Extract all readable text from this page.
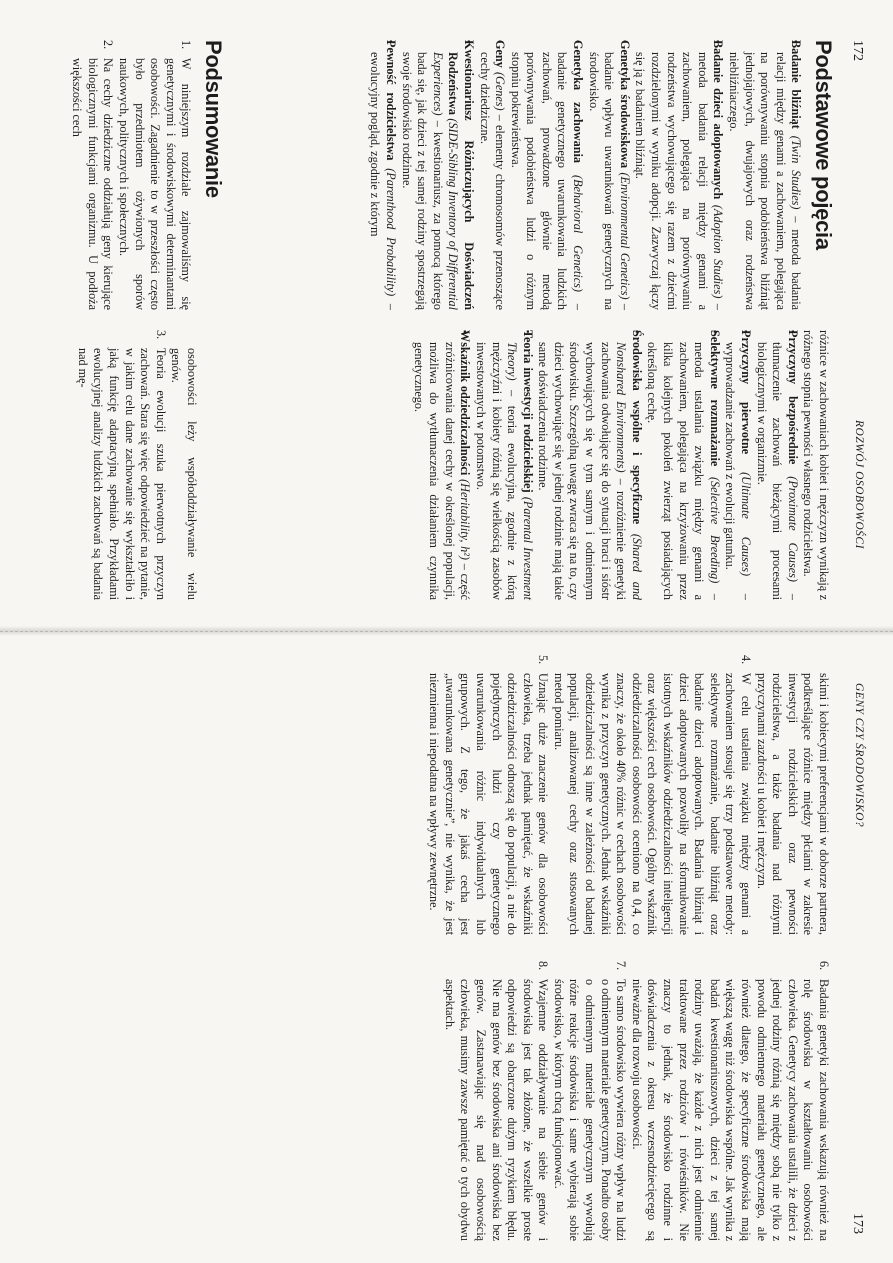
172
ROZWÓJ OSOBOWOŚCI
Podstawowe pojęcia

▪ Badanie bliźniąt (Twin Studies) – metoda badania relacji między genami a zachowaniem, polegająca na porównywaniu stopnia podobieństwa bliźniąt jednojajowych, dwujajowych oraz rodzeństwa niebliźniaczego.

▪ Badanie dzieci adoptowanych (Adoption Studies) – metoda badania relacji między genami a zachowaniem, polegająca na porównywaniu rodzeństwa wychowującego się razem z dziećmi rozdzielonymi w wyniku adopcji. Zazwyczaj łączy się ją z badaniem bliźniąt.

▪ Genetyka środowiskowa (Environmental Genetics) – badanie wpływu uwarunkowań genetycznych na środowisko.

▪ Genetyka zachowania (Behavioral Genetics) – badanie genetycznego uwarunkowania ludzkich zachowań, prowadzone głównie metodą porównywania podobieństwa ludzi o różnym stopniu pokrewieństwa.

▪ Geny (Genes) – elementy chromosomów przenoszące cechy dziedziczne.

▪ Kwestionariusz Różniczujących Doświadczeń Rodzeństwa (SIDE-Sibling Inventory of Differential Experiences) – kwestionariusz, za pomocą którego bada się, jak dzieci z tej samej rodziny spostrzegają swoje środowisko rodzinne.

▪ Pewność rodzicielstwa (Parenthood Probability) – ewolucyjny pogląd, zgodnie z którym

różnice w zachowaniach kobiet i mężczyzn wynikają z różnego stopnia pewności własnego rodzicielstwa.

▪ Przyczyny bezpośrednie (Proximate Causes) – tłumaczenie zachowań bieżącymi procesami biologicznymi w organizmie.

▪ Przyczyny pierwotne (Ultimate Causes) – wyprowadzanie zachowań z ewolucji gatunku.

▪ Selektywne rozmnażanie (Selective Breeding) – metoda ustalania związku między genami a zachowaniem, polegająca na krzyżowaniu przez kilka kolejnych pokoleń zwierząt posiadających określoną cechę.

▪ Środowiska wspólne i specyficzne (Shared and Nonshared Environments) – rozróżnienie genetyki zachowania odwołujące się do sytuacji braci i sióstr wychowujących się w tym samym i odmiennym środowisku. Szczególną uwagę zwraca się na to, czy dzieci wychowujące się w jednej rodzinie mają takie same doświadczenia rodzinne.

▪ Teoria inwestycji rodzicielskiej (Parental Investment Theory) – teoria ewolucyjna, zgodnie z którą mężczyźni i kobiety różnią się wielkością zasobów inwestowanych w potomstwo.

▪ Wskaźnik odziedziczalności (Heritability, h²) – część zróżnicowania danej cechy w określonej populacji, możliwa do wytłumaczenia działaniem czynnika genetycznego.

Podsumowanie
1.
W niniejszym rozdziale zajmowaliśmy się genetycznymi i środowiskowymi determinantami osobowości. Zagadnienie to w przeszłości często było przedmiotem ożywionych sporów naukowych, politycznych i społecznych.
2.
Na cechy dziedziczne oddziałują geny kierujące biologicznymi funkcjami organizmu. U podłoża większości cech

osobowości leży współoddziaływanie wielu genów.

3.
Teoria ewolucji szuka pierwotnych przyczyn zachowań. Stara się więc odpowiedzieć na pytanie, w jakim celu dane zachowanie się wykształciło i jaką funkcję adaptacyjną spełniało. Przykładami ewolucyjnej analizy ludzkich zachowań są badania nad mę-
GENY CZY ŚRODOWISKO?
173

skimi i kobiecymi preferencjami w doborze partnera, podkreślające różnice między płciami w zakresie inwestycji rodzicielskich oraz pewności rodzicielstwa, a także badania nad różnymi przyczynami zazdrości u kobiet i mężczyzn.

4.
W celu ustalenia związku między genami a zachowaniem stosuje się trzy podstawowe metody: selektywne rozmnażanie, badanie bliźniąt oraz badanie dzieci adoptowanych. Badania bliźniąt i dzieci adoptowanych pozwoliły na sformułowanie istotnych wskaźników odziedziczalności inteligencji oraz większości cech osobowości. Ogólny wskaźnik odziedziczalności osobowości oceniono na 0,4, co znaczy, że około 40% różnic w cechach osobowości wynika z przyczyn genetycznych. Jednak wskaźniki odziedziczalności są inne w zależności od badanej populacji, analizowanej cechy oraz stosowanych metod pomiaru.
5.
Uznając duże znaczenie genów dla osobowości człowieka, trzeba jednak pamiętać, że wskaźniki odziedziczalności odnoszą się do populacji, a nie do pojedynczych ludzi czy genetycznego uwarunkowania różnic indywidualnych lub grupowych. Z tego, że jakaś cecha jest „uwarunkowana genetycznie”, nie wynika, że jest niezmienna i niepodatna na wpływy zewnętrzne.
6.
Badania genetyki zachowania wskazują również na rolę środowiska w kształtowaniu osobowości człowieka. Genetycy zachowania ustalili, że dzieci z jednej rodziny różnią się między sobą nie tylko z powodu odmiennego materiału genetycznego, ale również dlatego, że specyficzne środowiska mają większą wagę niż środowiska wspólne. Jak wynika z badań kwestionariuszowych, dzieci z tej samej rodziny uważają, że każde z nich jest odmiennie traktowane przez rodziców i rówieśników. Nie znaczy to jednak, że środowisko rodzinne i doświadczenia z okresu wczesnodziecięcego są nieważne dla rozwoju osobowości.
7.
To samo środowisko wywiera różny wpływ na ludzi o odmiennym materiale genetycznym. Ponadto osoby o odmiennym materiale genetycznym wywołują różne reakcje środowiska i same wybierają sobie środowisko, w którym chcą funkcjonować.
8.
Wzajemne oddziaływanie na siebie genów i środowiska jest tak złożone, że wszelkie proste odpowiedzi są obarczone dużym ryzykiem błędu. Nie ma genów bez środowiska ani środowiska bez genów. Zastanawiając się nad osobowością człowieka, musimy zawsze pamiętać o tych obydwu aspektach.
